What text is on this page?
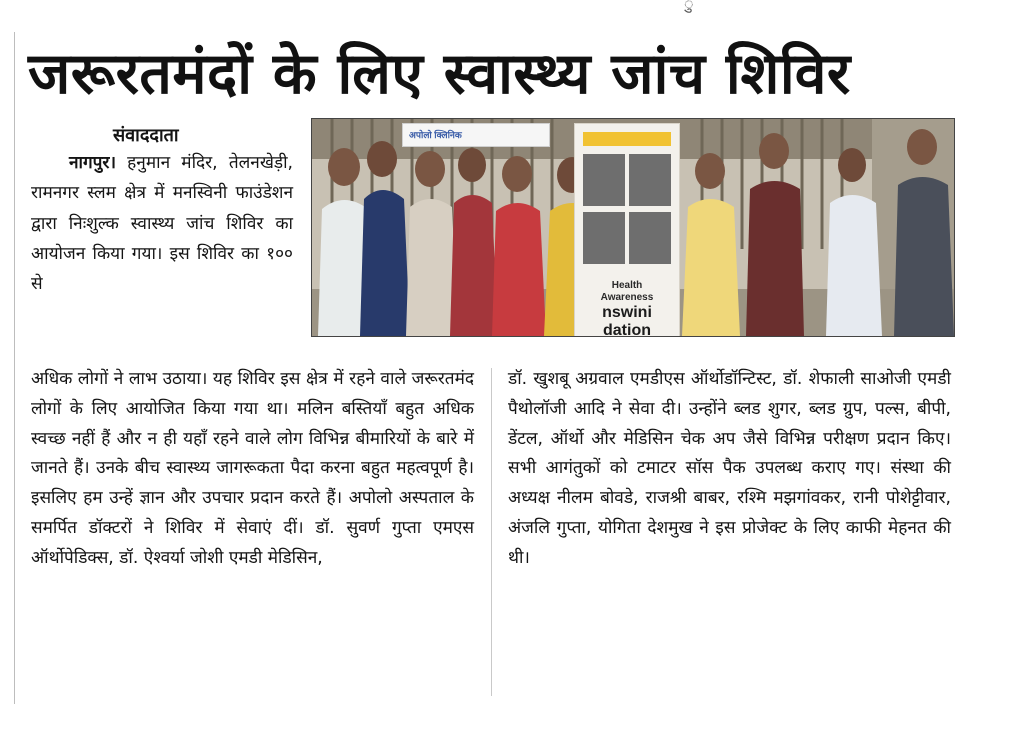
ु
जरूरतमंदों के लिए स्वास्थ्य जांच शिविर
संवाददाता
नागपुर। हनुमान मंदिर, तेलनखेड़ी, रामनगर स्लम क्षेत्र में मनस्विनी फाउंडेशन द्वारा निःशुल्क स्वास्थ्य जांच शिविर का आयोजन किया गया। इस शिविर का १०० से
अपोलो क्लिनिक
Health
Awareness
nswini
dation
अधिक लोगों ने लाभ उठाया। यह शिविर इस क्षेत्र में रहने वाले जरूरतमंद लोगों के लिए आयोजित किया गया था। मलिन बस्तियाँ बहुत अधिक स्वच्छ नहीं हैं और न ही यहाँ रहने वाले लोग विभिन्न बीमारियों के बारे में जानते हैं। उनके बीच स्वास्थ्य जागरूकता पैदा करना बहुत महत्वपूर्ण है। इसलिए हम उन्हें ज्ञान और उपचार प्रदान करते हैं। अपोलो अस्पताल के समर्पित डॉक्टरों ने शिविर में सेवाएं दीं। डॉ. सुवर्ण गुप्ता एमएस ऑर्थोपेडिक्स, डॉ. ऐश्वर्या जोशी एमडी मेडिसिन,
डॉ. खुशबू अग्रवाल एमडीएस ऑर्थोडॉन्टिस्ट, डॉ. शेफाली साओजी एमडी पैथोलॉजी आदि ने सेवा दी। उन्होंने ब्लड शुगर, ब्लड ग्रुप, पल्स, बीपी, डेंटल, ऑर्थो और मेडिसिन चेक अप जैसे विभिन्न परीक्षण प्रदान किए। सभी आगंतुकों को टमाटर सॉस पैक उपलब्ध कराए गए। संस्था की अध्यक्ष नीलम बोवडे, राजश्री बाबर, रश्मि मझगांवकर, रानी पोशेट्टीवार, अंजलि गुप्ता, योगिता देशमुख ने इस प्रोजेक्ट के लिए काफी मेहनत की थी।
